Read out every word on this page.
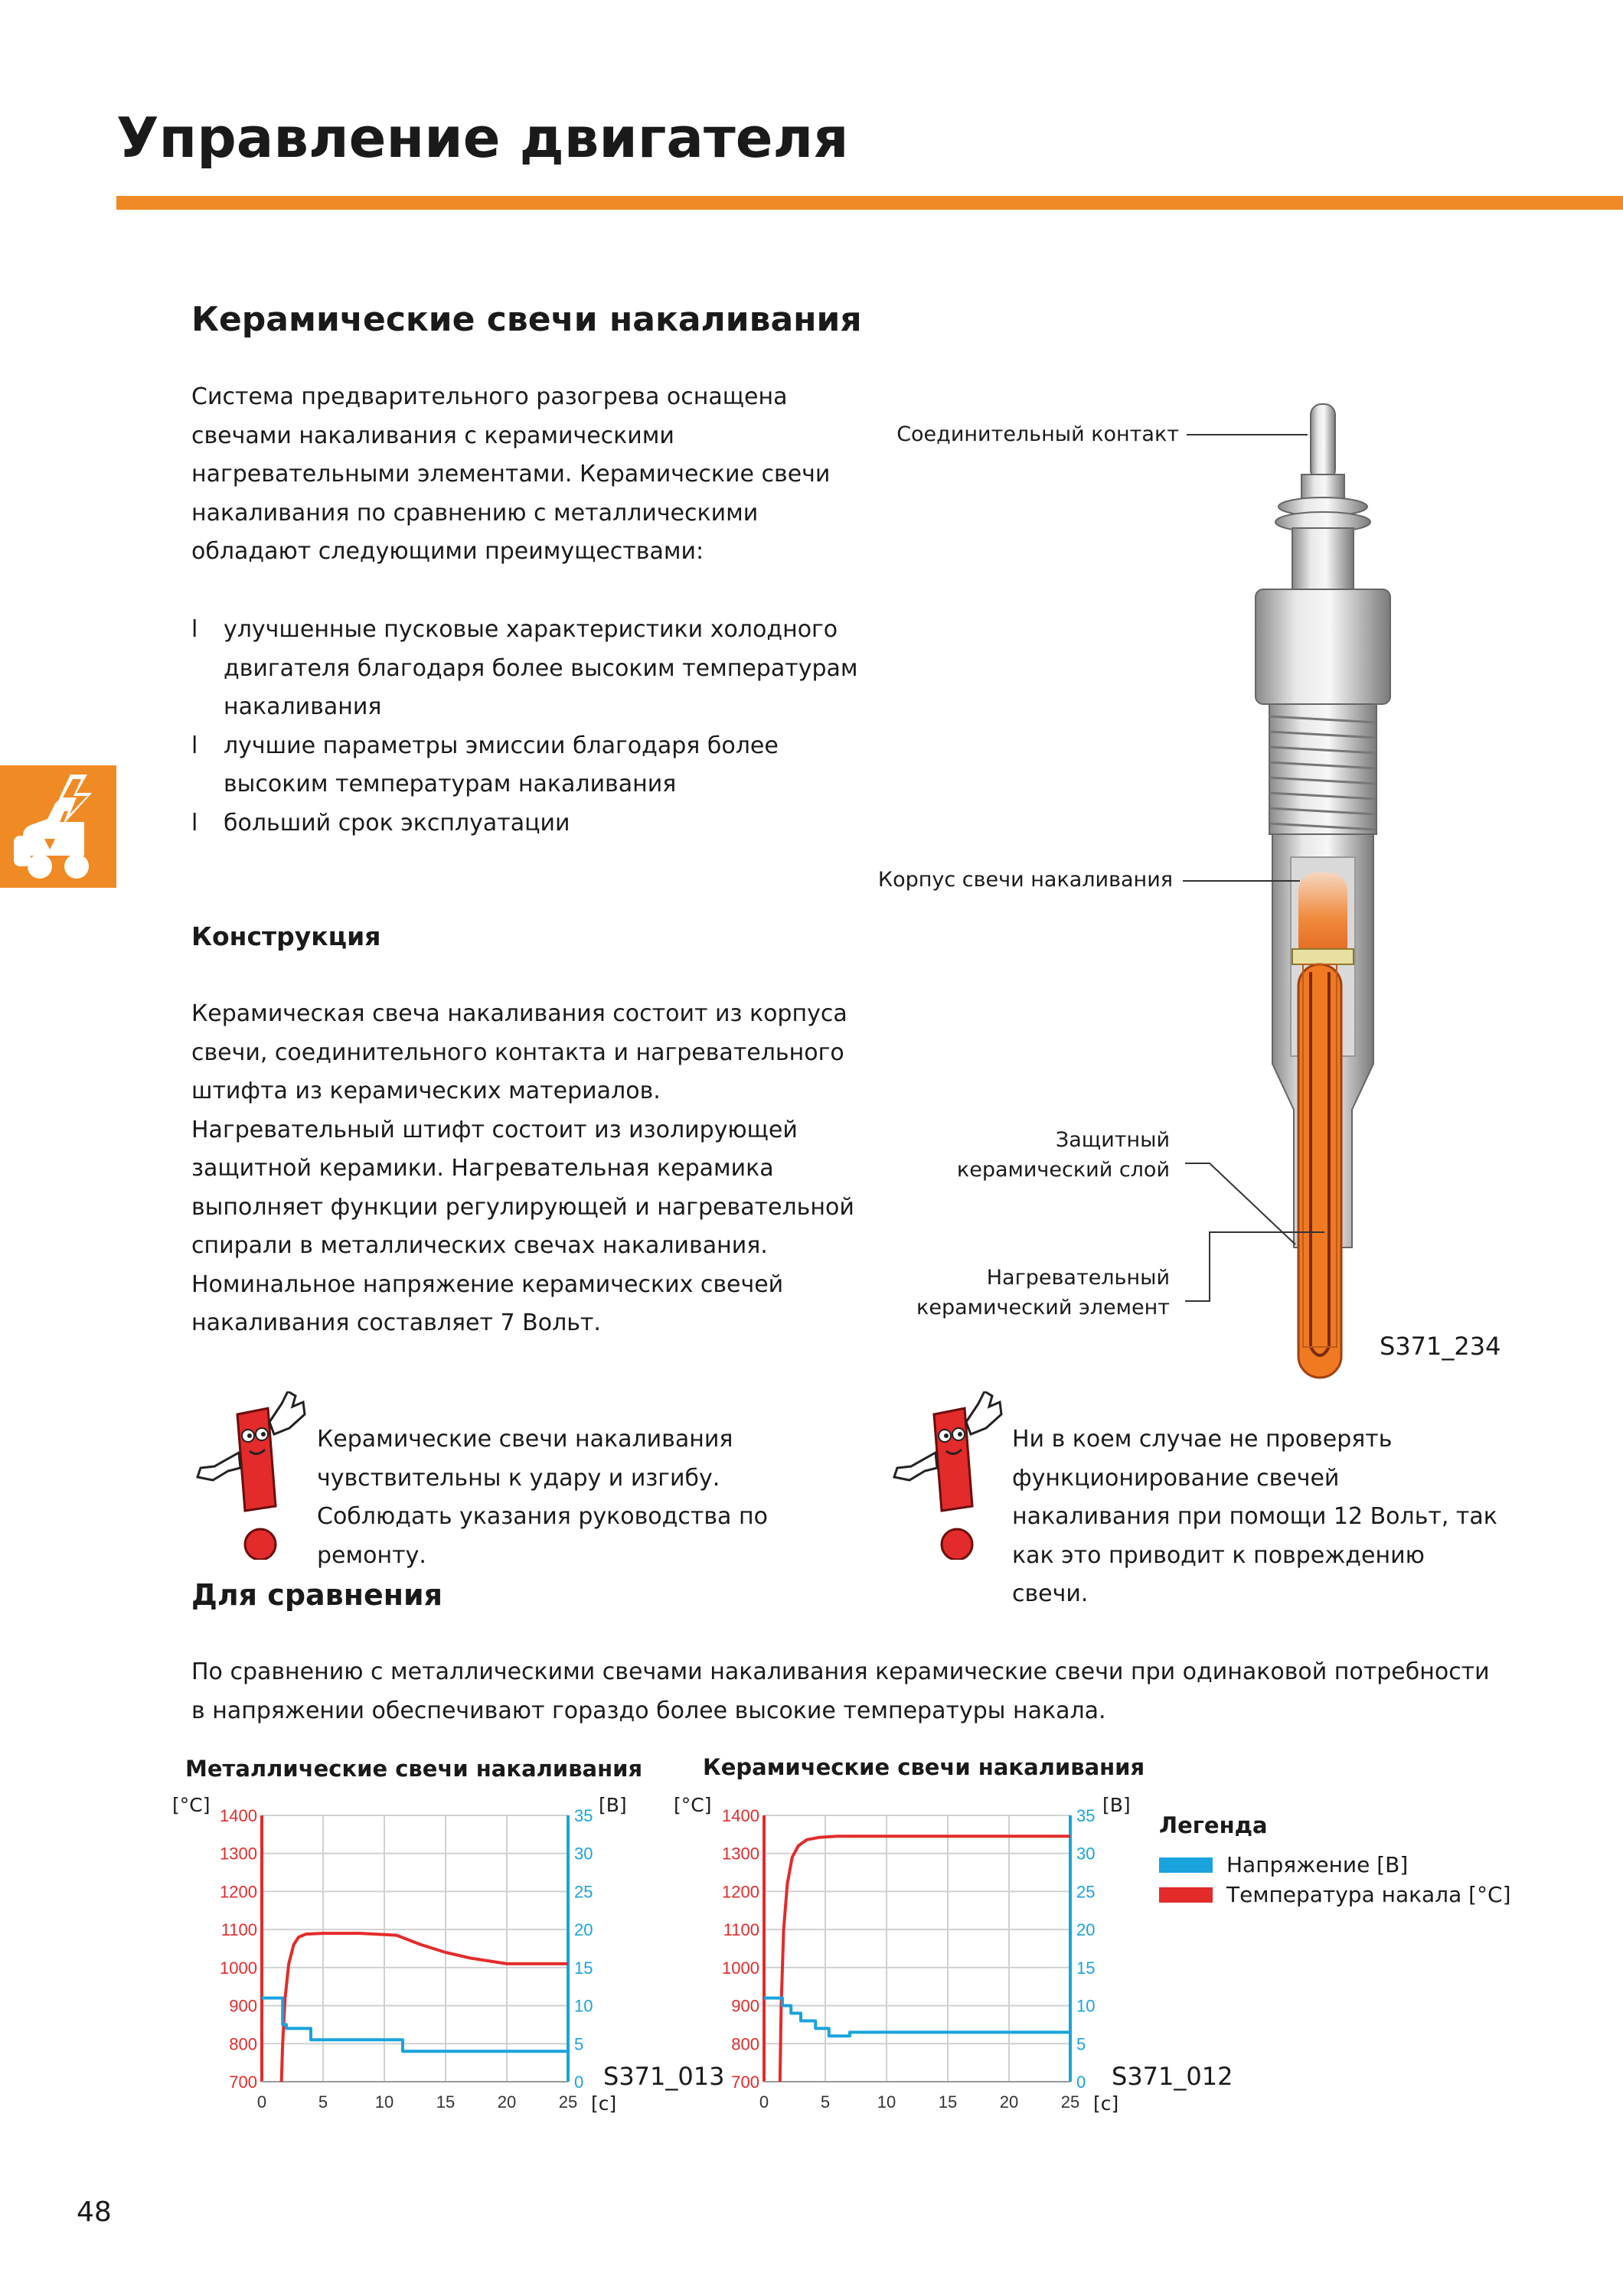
Управление двигателя
Керамические свечи накаливания

Система предварительного разогрева оснащена свечами накаливания с керамическими нагревательными элементами. Керамические свечи накаливания по сравнению с металлическими обладают следующими преимуществами:

l улучшенные пусковые характеристики холодного двигателя благодаря более высоким температурам накаливания
l лучшие параметры эмиссии благодаря более высоким температурам накаливания
l больший срок эксплуатации
Конструкция

Керамическая свеча накаливания состоит из корпуса свечи, соединительного контакта и нагревательного штифта из керамических материалов. Нагревательный штифт состоит из изолирующей защитной керамики. Нагревательная керамика выполняет функции регулирующей и нагревательной спирали в металлических свечах накаливания. Номинальное напряжение керамических свечей накаливания составляет 7 Вольт.

Соединительный контакт
Корпус свечи накаливания
Защитный
керамический слой
Нагревательный
керамический элемент
S371_234

Керамические свечи накаливания чувствительны к удару и изгибу. Соблюдать указания руководства по ремонту.

Ни в коем случае не проверять функционирование свечей накаливания при помощи 12 Вольт, так как это приводит к повреждению свечи.

Для сравнения

По сравнению с металлическими свечами накаливания керамические свечи при одинаковой потребности в напряжении обеспечивают гораздо более высокие температуры накала.

Металлические свечи накаливания
[°C]	[В]
[с]
S371_013
700
800
900
1000
1100
1200
1300
1400
0
5
10
15
20
25
30
35
0	5	10	15	20	25
Керамические свечи накаливания
[°C]	[В]
[с]
S371_012
700
800
900
1000
1100
1200
1300
1400
0
5
10
15
20
25
30
35
0	5	10	15	20	25
Легенда
Напряжение [В]
Температура накала [°C]
48
